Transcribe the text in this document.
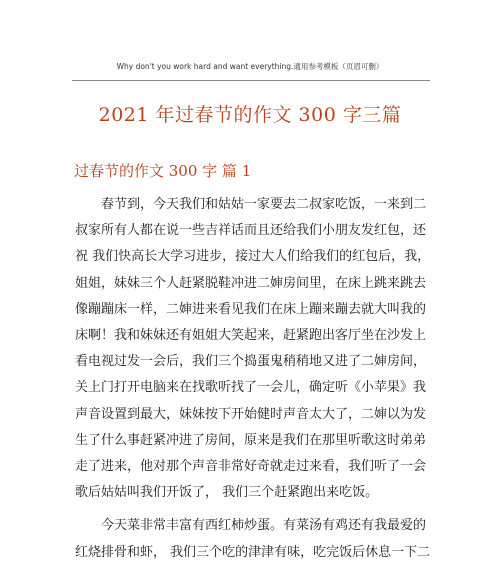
Why don't you work hard and want everything.通用参考模板（页眉可删）
2021 年过春节的作文 300 字三篇
过春节的作文 300 字 篇 1

春节到，今天我们和姑姑一家要去二叔家吃饭，一来到二
叔家所有人都在说一些吉祥话而且还给我们小朋友发红包，还
祝 我们快高长大学习进步，接过大人们给我们的红包后，我，
姐姐，妹妹三个人赶紧脱鞋冲进二婶房间里，在床上跳来跳去
像蹦蹦床一样，二婶进来看见我们在床上蹦来蹦去就大叫我的
床啊！我和妹妹还有姐姐大笑起来，赶紧跑出客厅坐在沙发上
看电视过发一会后，我们三个捣蛋鬼稍稍地又进了二婶房间，
关上门打开电脑来在找歌听找了一会儿，确定听《小苹果》我
声音设置到最大，妹妹按下开始健时声音太大了，二婶以为发
生了什么事赶紧冲进了房间，原来是我们在那里听歌这时弟弟
走了进来，他对那个声音非常好奇就走过来看，我们听了一会
歌后姑姑叫我们开饭了， 我们三个赶紧跑出来吃饭。

今天菜非常丰富有西红柿炒蛋。有菜汤有鸡还有我最爱的
红烧排骨和虾， 我们三个吃的津津有味，吃完饭后休息一下二
